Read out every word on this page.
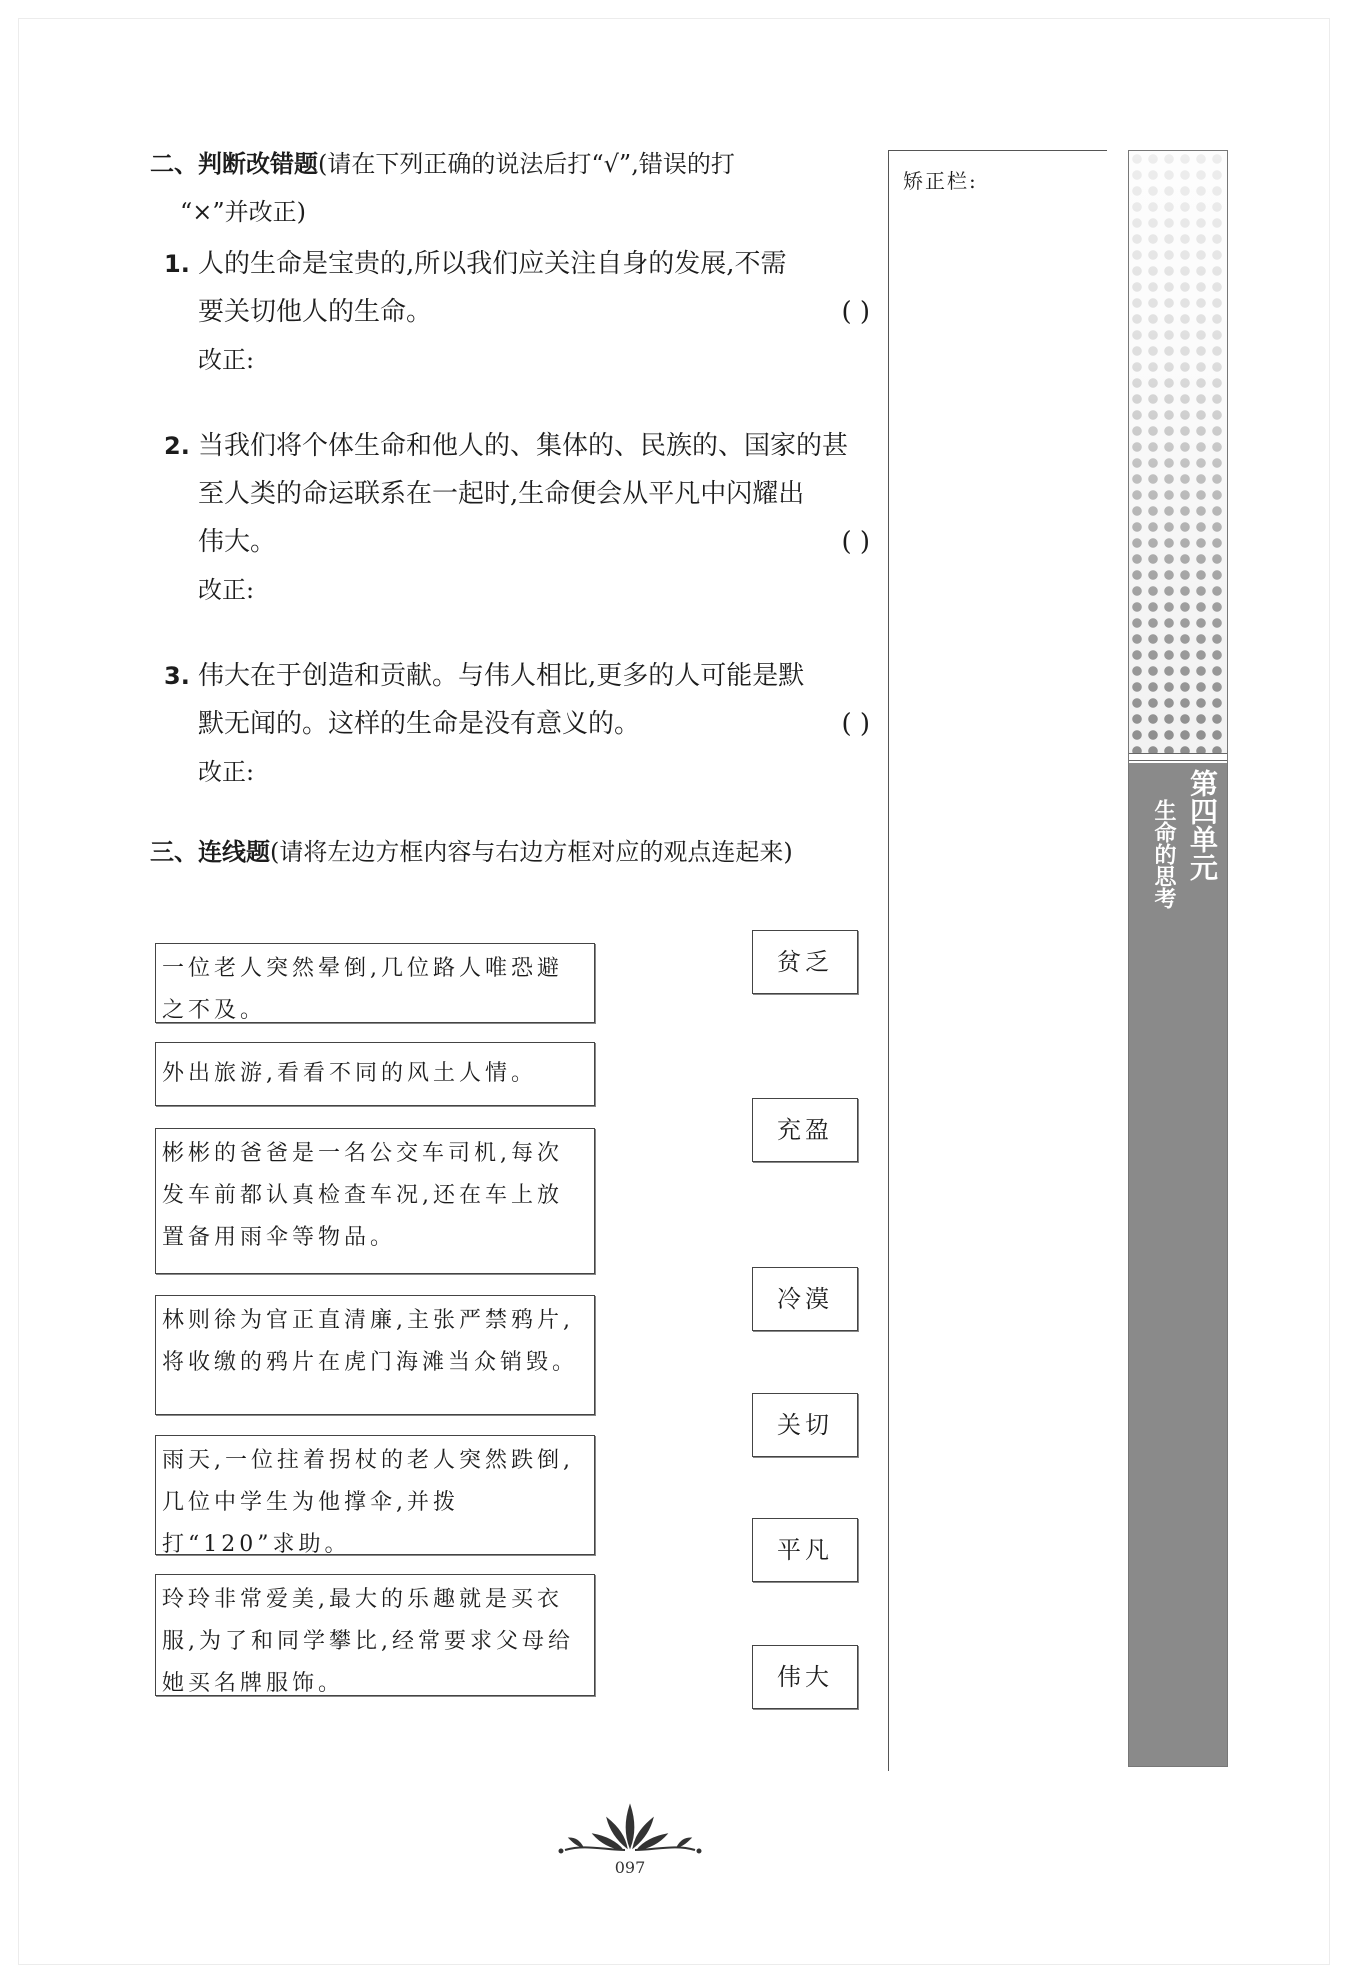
二、判断改错题(请在下列正确的说法后打“√”,错误的打

“×”并改正)

1. 人的生命是宝贵的,所以我们应关注自身的发展,不需
要关切他人的生命。	( )
改正:
2. 当我们将个体生命和他人的、集体的、民族的、国家的甚
至人类的命运联系在一起时,生命便会从平凡中闪耀出
伟大。	( )
改正:
3. 伟大在于创造和贡献。与伟人相比,更多的人可能是默
默无闻的。这样的生命是没有意义的。	( )
改正:

三、连线题(请将左边方框内容与右边方框对应的观点连起来)

一位老人突然晕倒,几位路人唯恐避之不及。
外出旅游,看看不同的风土人情。
彬彬的爸爸是一名公交车司机,每次发车前都认真检查车况,还在车上放置备用雨伞等物品。
林则徐为官正直清廉,主张严禁鸦片,将收缴的鸦片在虎门海滩当众销毁。
雨天,一位拄着拐杖的老人突然跌倒,几位中学生为他撑伞,并拨打“120”求助。
玲玲非常爱美,最大的乐趣就是买衣服,为了和同学攀比,经常要求父母给她买名牌服饰。
贫乏
充盈
冷漠
关切
平凡
伟大
矫正栏:
第四单元
生命的思考
097
